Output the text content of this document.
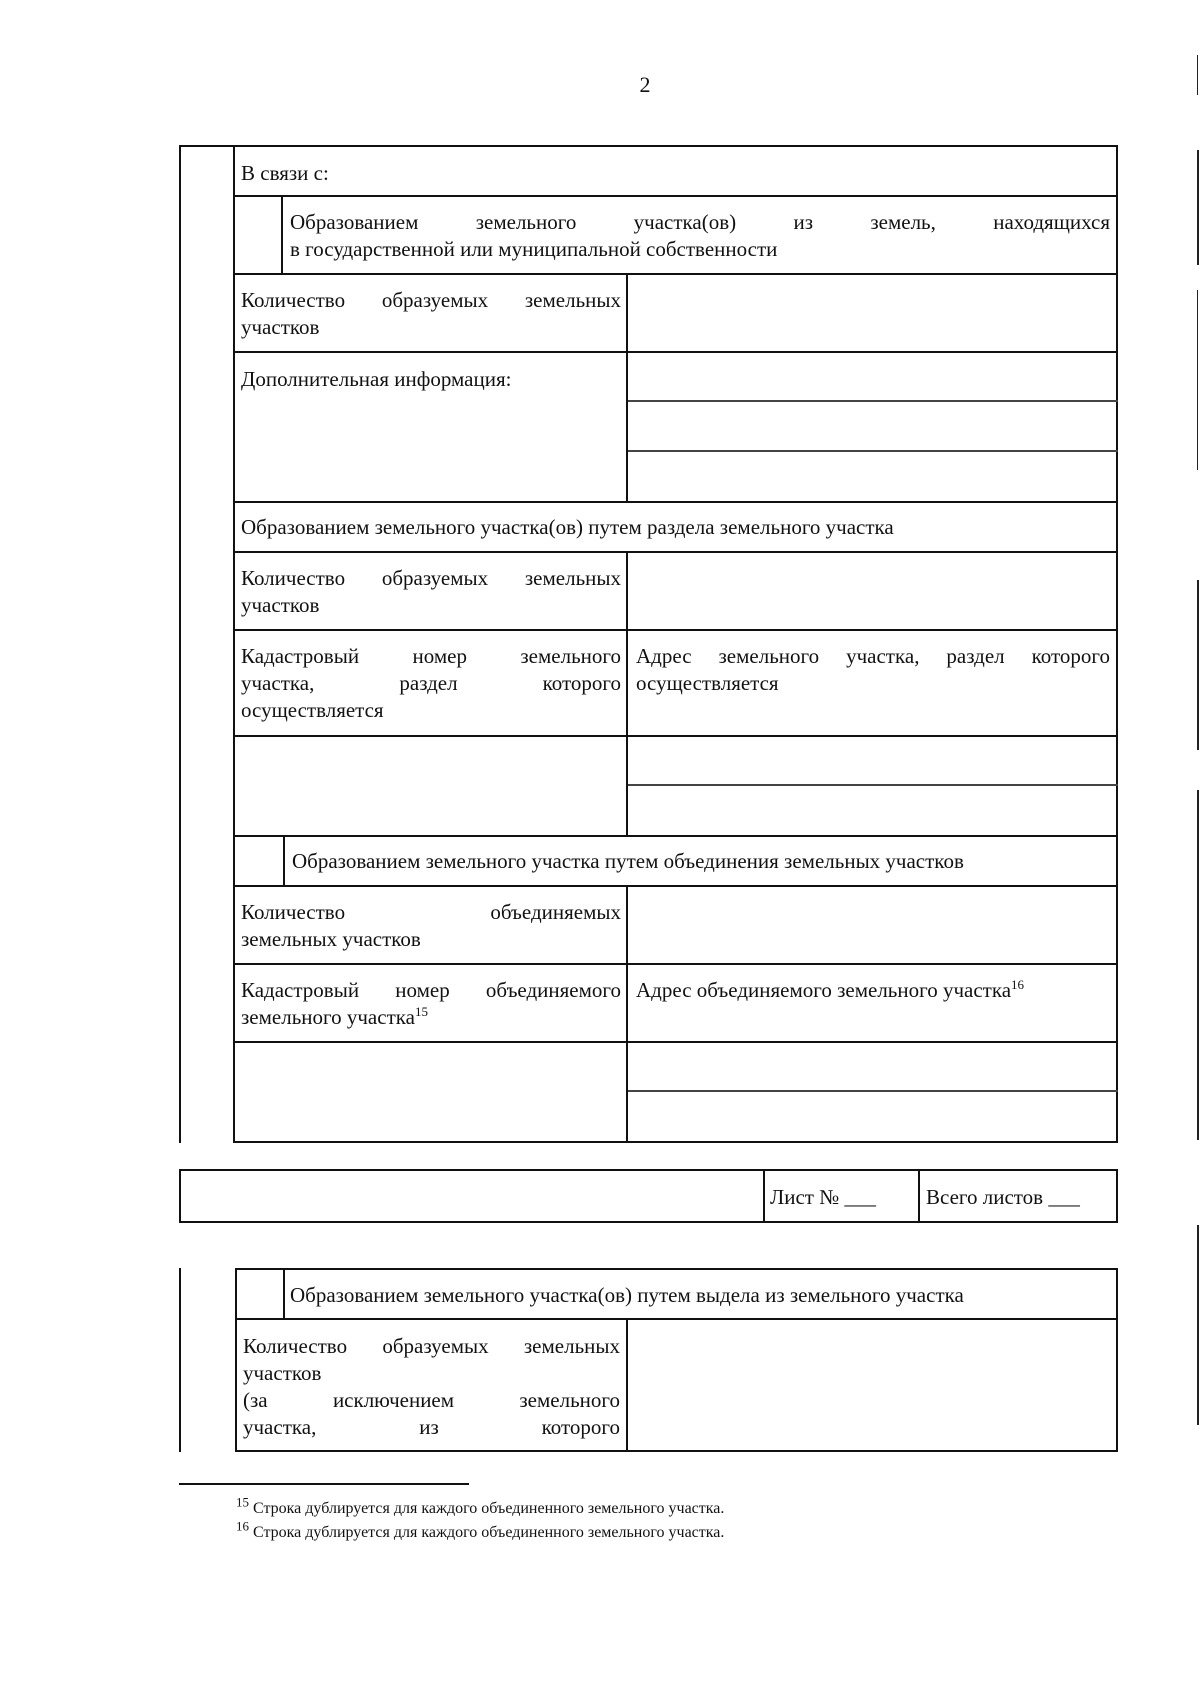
2
В связи с:
Образованием земельного участка(ов) из земель, находящихся
в государственной или муниципальной собственности
Количество образуемых земельных
участков
Дополнительная информация:
Образованием земельного участка(ов) путем раздела земельного участка
Количество образуемых земельных
участков
Кадастровый номер земельного
участка, раздел которого
осуществляется
Адрес земельного участка, раздел которого
осуществляется
Образованием земельного участка путем объединения земельных участков
Количество объединяемых
земельных участков
Кадастровый номер объединяемого
земельного участка$^{15}$
Адрес объединяемого земельного участка$^{16}$
Лист № ___ Всего листов ___
Образованием земельного участка(ов) путем выдела из земельного участка
Количество образуемых земельных
участков
(за исключением земельного
участка, из которого
$^{15}$ Строка дублируется для каждого объединенного земельного участка.
$^{16}$ Строка дублируется для каждого объединенного земельного участка.
